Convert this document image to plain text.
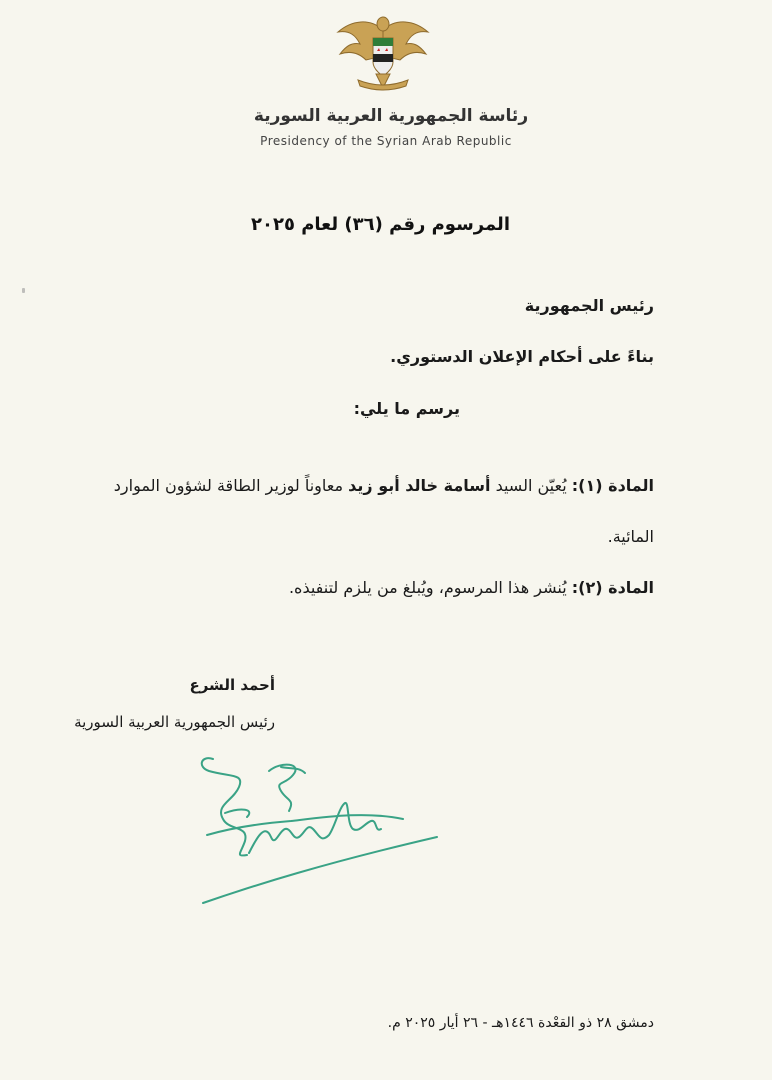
رئاسة الجمهورية العربية السورية
Presidency of the Syrian Arab Republic
المرسوم رقم (٣٦) لعام ٢٠٢٥
رئيس الجمهورية
بناءً على أحكام الإعلان الدستوري.
يرسم ما يلي:
المادة (١): يُعيّن السيد أسامة خالد أبو زيد معاوناً لوزير الطاقة لشؤون الموارد
المائية.
المادة (٢): يُنشر هذا المرسوم، ويُبلغ من يلزم لتنفيذه.
أحمد الشرع
رئيس الجمهورية العربية السورية
دمشق ٢٨ ذو القعْدة ١٤٤٦هـ - ٢٦ أيار ٢٠٢٥ م.
